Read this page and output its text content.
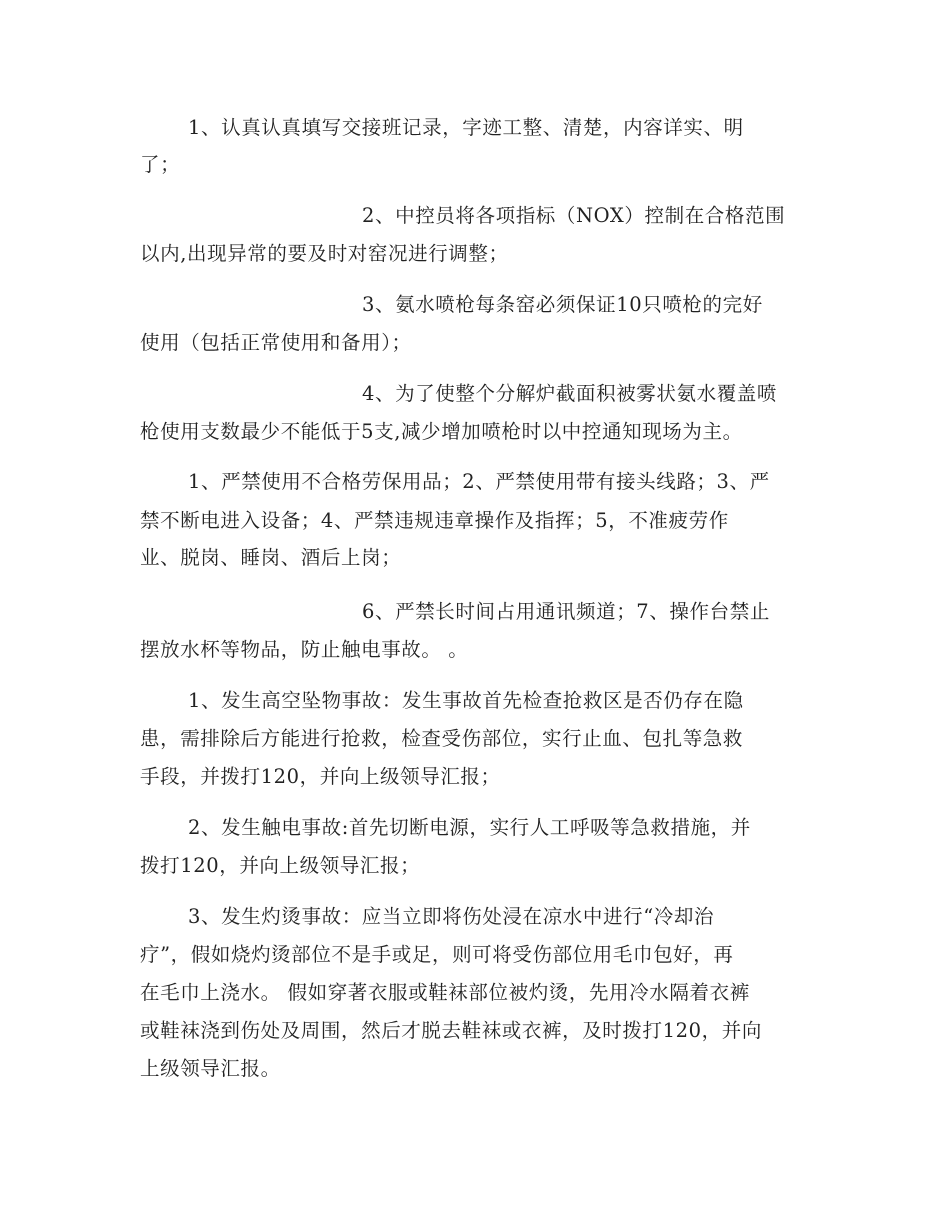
1、认真认真填写交接班记录，字迹工整、清楚，内容详实、明
了；
2、中控员将各项指标（NOX）控制在合格范围
以内,出现异常的要及时对窑况进行调整；
3、氨水喷枪每条窑必须保证10只喷枪的完好
使用（包括正常使用和备用）；
4、为了使整个分解炉截面积被雾状氨水覆盖喷
枪使用支数最少不能低于5支,减少增加喷枪时以中控通知现场为主。
1、严禁使用不合格劳保用品；2、严禁使用带有接头线路；3、严
禁不断电进入设备；4、严禁违规违章操作及指挥；5，不准疲劳作
业、脱岗、睡岗、酒后上岗；
6、严禁长时间占用通讯频道；7、操作台禁止
摆放水杯等物品，防止触电事故。 。
1、发生高空坠物事故：发生事故首先检查抢救区是否仍存在隐
患，需排除后方能进行抢救，检查受伤部位，实行止血、包扎等急救
手段，并拨打120，并向上级领导汇报；
2、发生触电事故:首先切断电源，实行人工呼吸等急救措施，并
拨打120，并向上级领导汇报；
3、发生灼烫事故：应当立即将伤处浸在凉水中进行“冷却治
疗”，假如烧灼烫部位不是手或足，则可将受伤部位用毛巾包好，再
在毛巾上浇水。 假如穿著衣服或鞋袜部位被灼烫，先用冷水隔着衣裤
或鞋袜浇到伤处及周围，然后才脱去鞋袜或衣裤，及时拨打120，并向
上级领导汇报。
